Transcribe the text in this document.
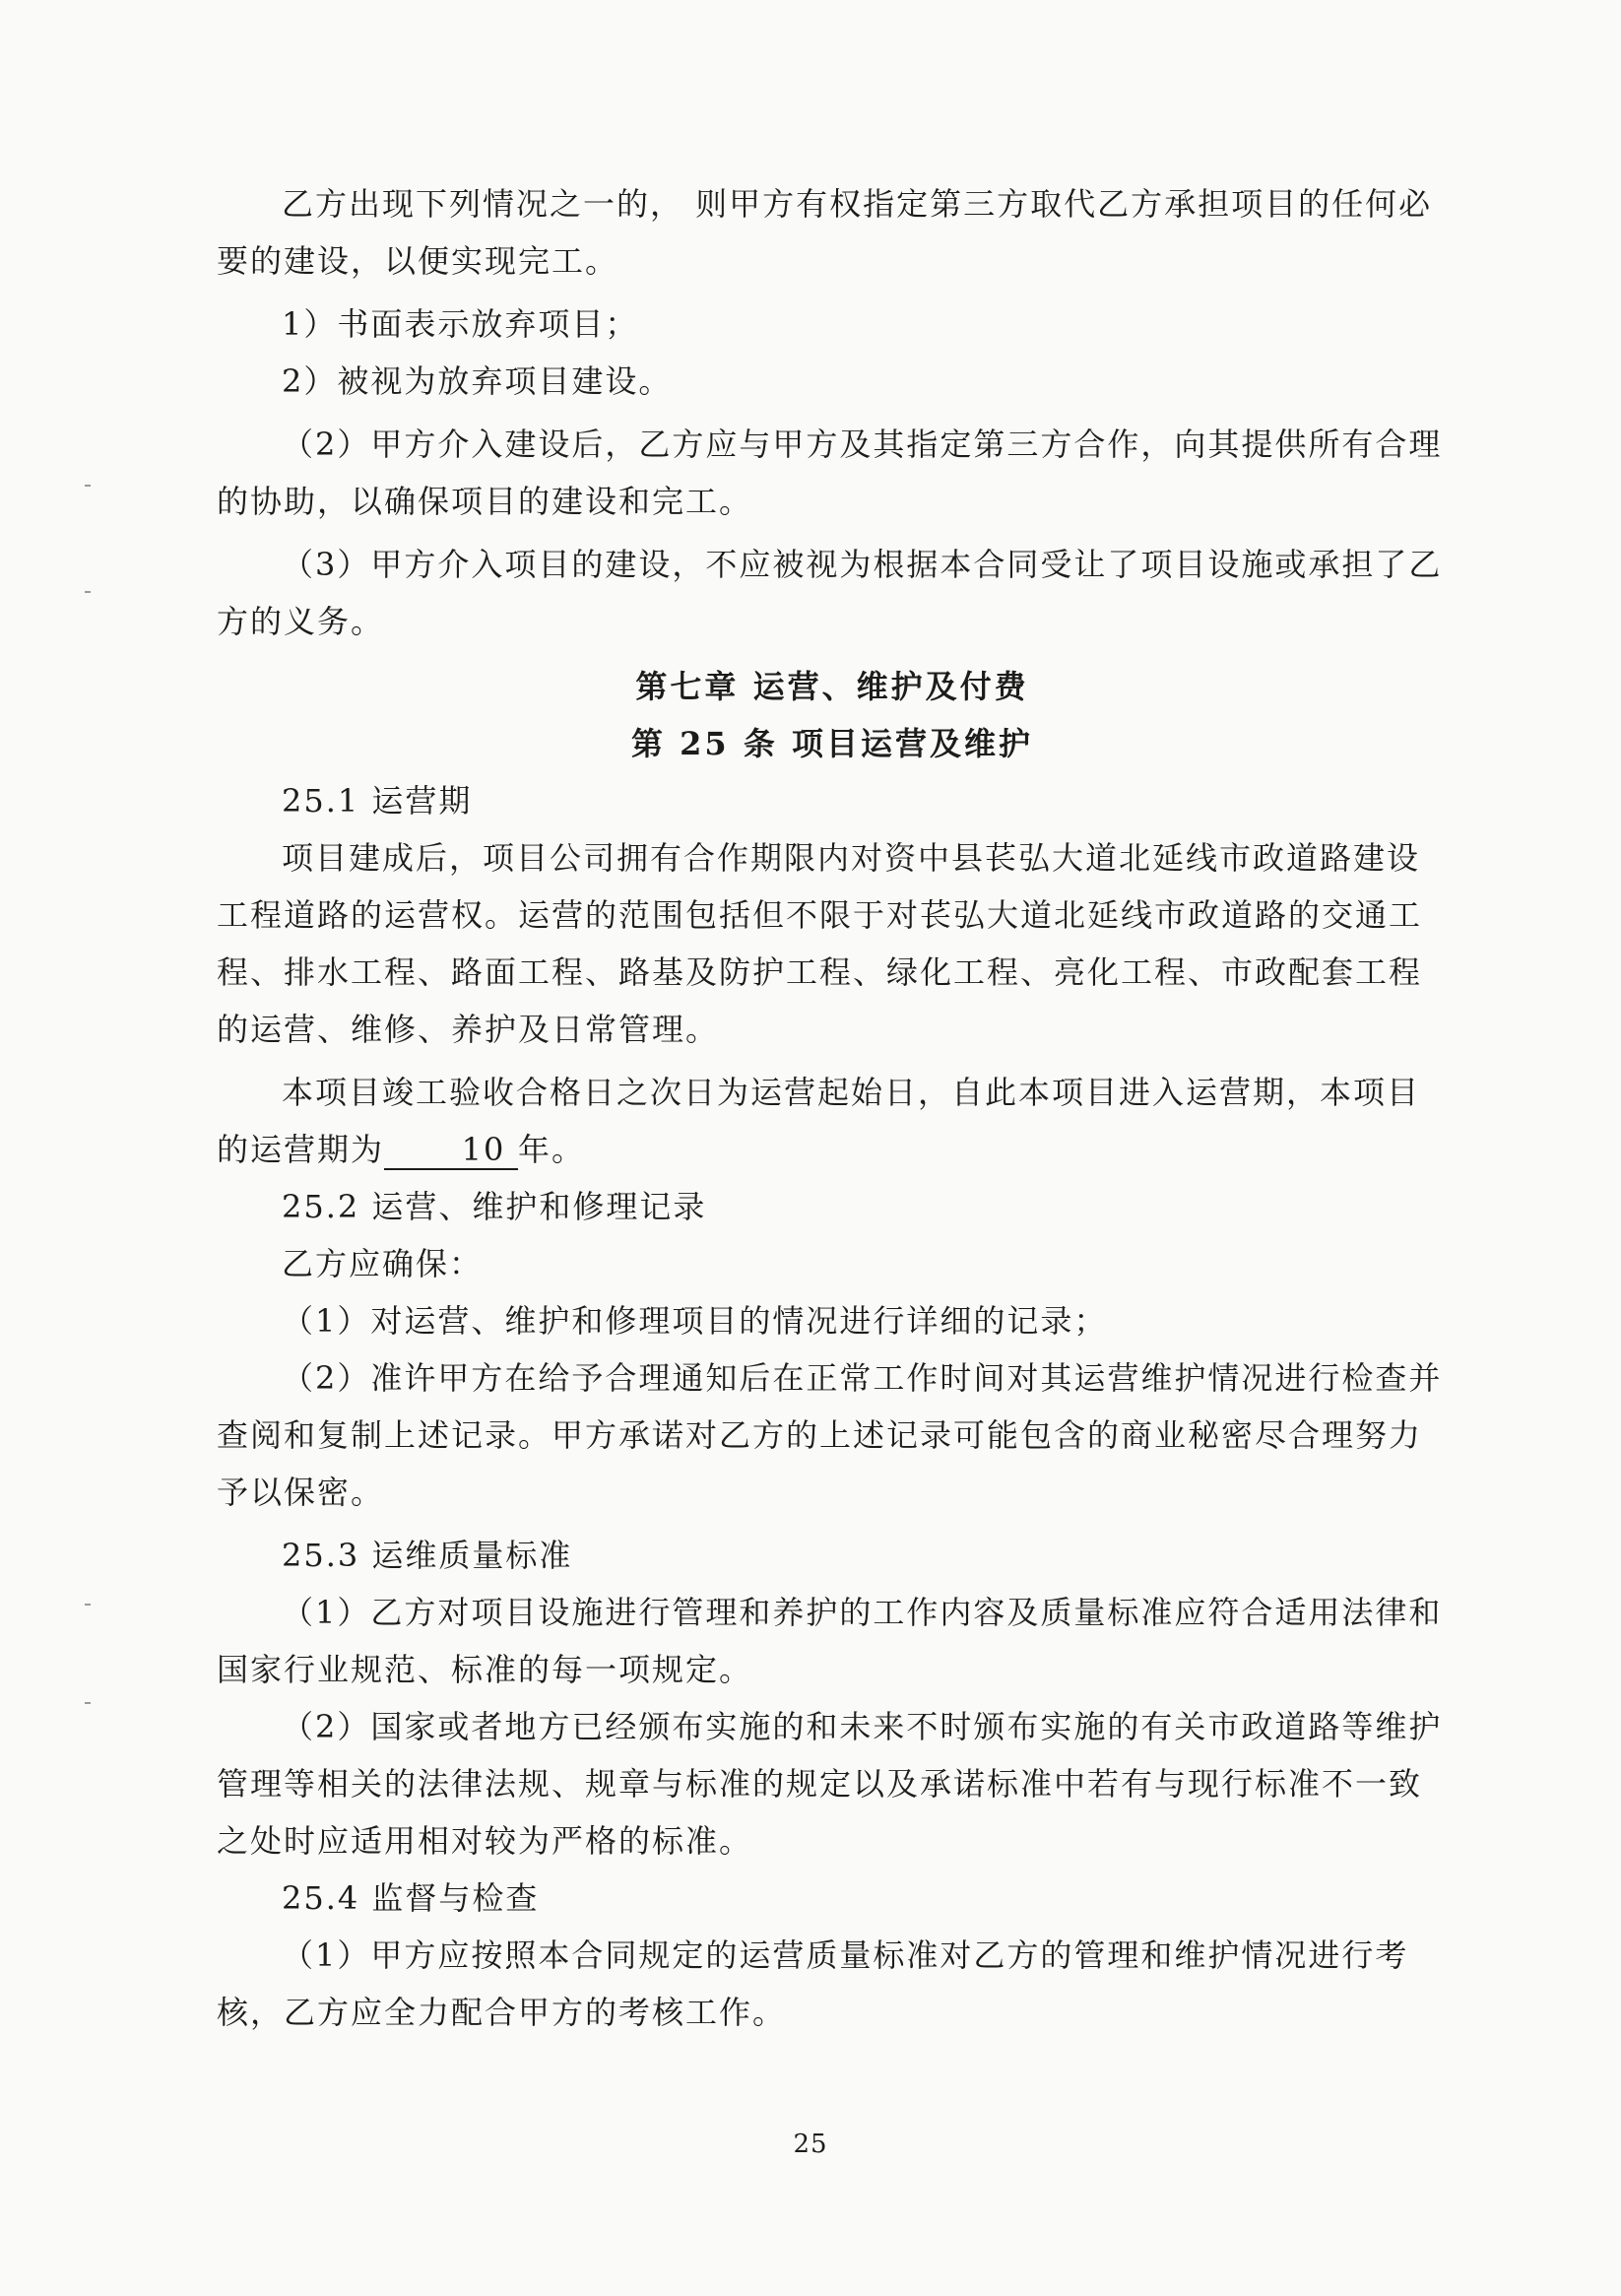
乙方出现下列情况之一的， 则甲方有权指定第三方取代乙方承担项目的任何必要的建设，以便实现完工。

1）书面表示放弃项目；

2）被视为放弃项目建设。

（2）甲方介入建设后，乙方应与甲方及其指定第三方合作，向其提供所有合理的协助，以确保项目的建设和完工。

（3）甲方介入项目的建设，不应被视为根据本合同受让了项目设施或承担了乙方的义务。

第七章 运营、维护及付费

第 25 条 项目运营及维护

25.1 运营期

项目建成后，项目公司拥有合作期限内对资中县苌弘大道北延线市政道路建设工程道路的运营权。运营的范围包括但不限于对苌弘大道北延线市政道路的交通工程、排水工程、路面工程、路基及防护工程、绿化工程、亮化工程、市政配套工程的运营、维修、养护及日常管理。

本项目竣工验收合格日之次日为运营起始日，自此本项目进入运营期，本项目的运营期为 10 年。

25.2 运营、维护和修理记录

乙方应确保：

（1）对运营、维护和修理项目的情况进行详细的记录；

（2）准许甲方在给予合理通知后在正常工作时间对其运营维护情况进行检查并查阅和复制上述记录。甲方承诺对乙方的上述记录可能包含的商业秘密尽合理努力予以保密。

25.3 运维质量标准

（1）乙方对项目设施进行管理和养护的工作内容及质量标准应符合适用法律和国家行业规范、标准的每一项规定。

（2）国家或者地方已经颁布实施的和未来不时颁布实施的有关市政道路等维护管理等相关的法律法规、规章与标准的规定以及承诺标准中若有与现行标准不一致之处时应适用相对较为严格的标准。

25.4 监督与检查

（1）甲方应按照本合同规定的运营质量标准对乙方的管理和维护情况进行考核，乙方应全力配合甲方的考核工作。

25
